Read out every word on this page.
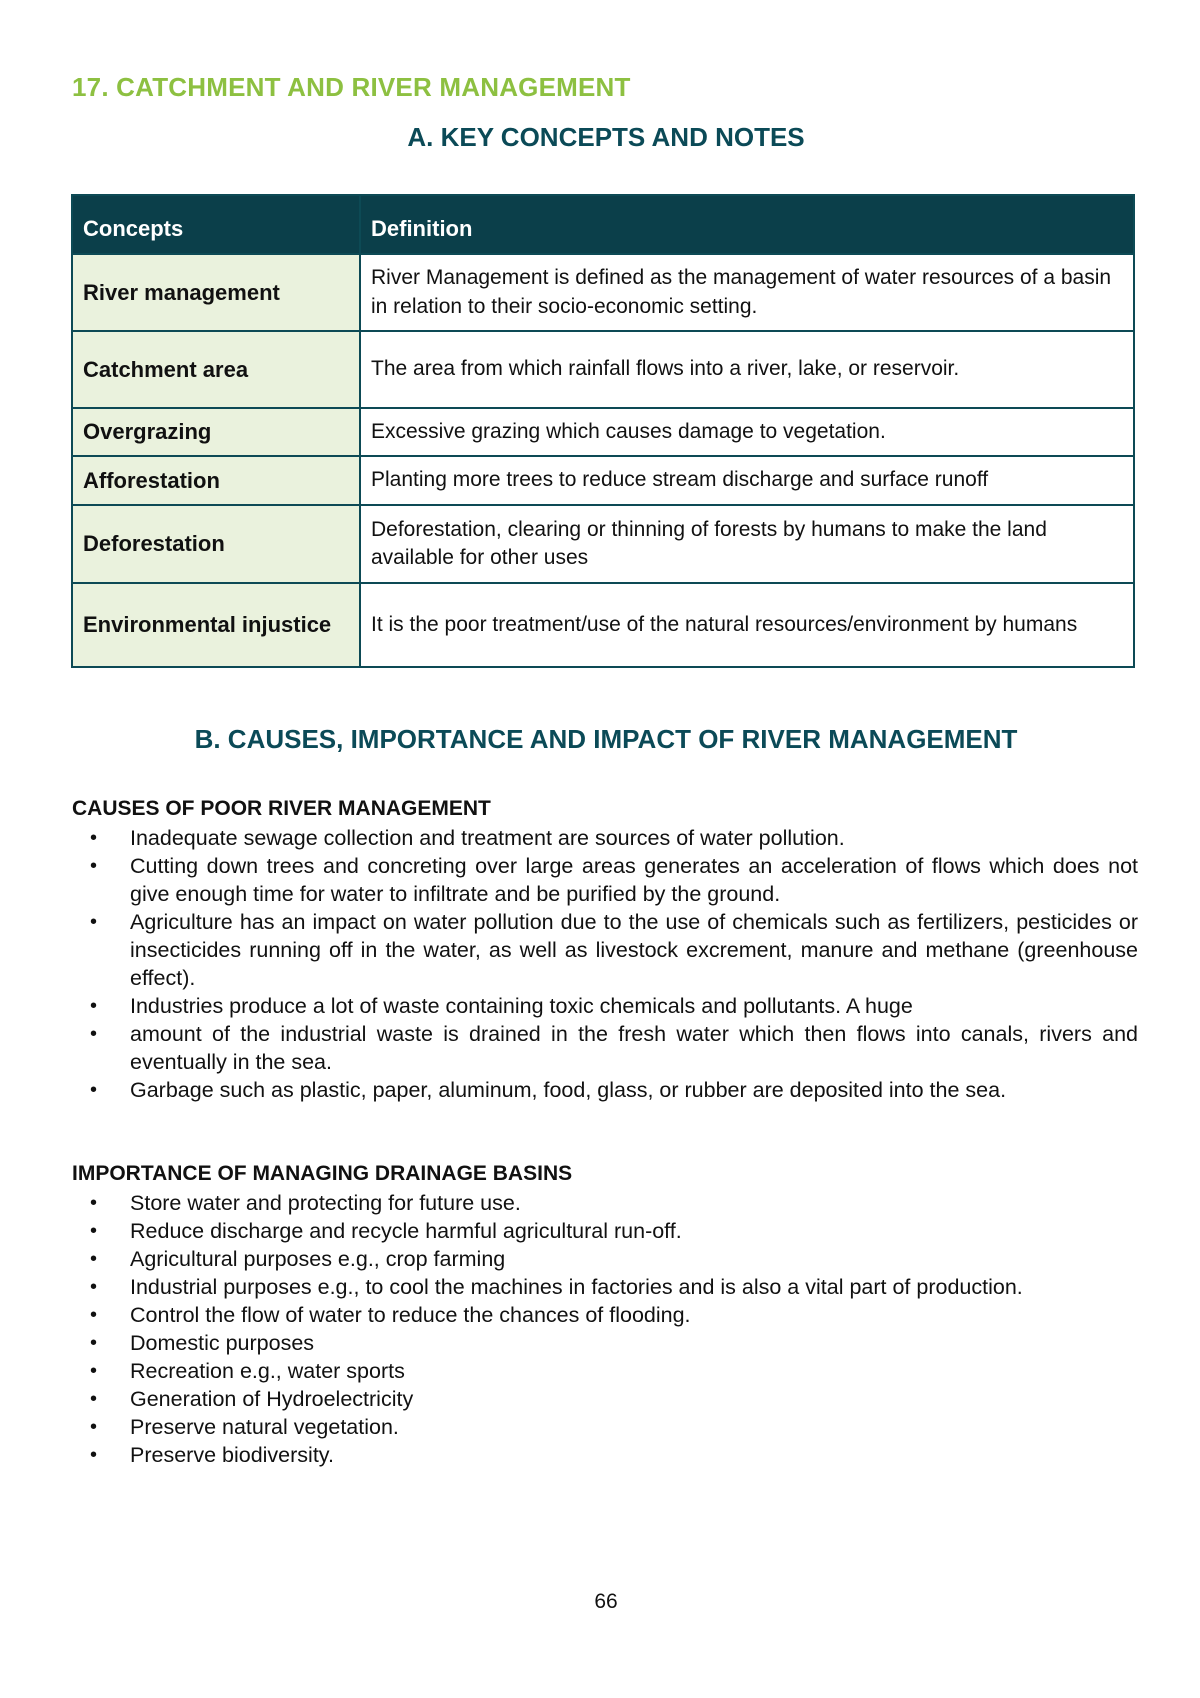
17. CATCHMENT AND RIVER MANAGEMENT
A. KEY CONCEPTS AND NOTES
Concepts	Definition
River management	River Management is defined as the management of water resources of a basin in relation to their socio-economic setting.
Catchment area	The area from which rainfall flows into a river, lake, or reservoir.
Overgrazing	Excessive grazing which causes damage to vegetation.
Afforestation	Planting more trees to reduce stream discharge and surface runoff
Deforestation	Deforestation, clearing or thinning of forests by humans to make the land available for other uses
Environmental injustice	It is the poor treatment/use of the natural resources/environment by humans
B. CAUSES, IMPORTANCE AND IMPACT OF RIVER MANAGEMENT
CAUSES OF POOR RIVER MANAGEMENT
• Inadequate sewage collection and treatment are sources of water pollution.
• Cutting down trees and concreting over large areas generates an acceleration of flows which does not give enough time for water to infiltrate and be purified by the ground.
• Agriculture has an impact on water pollution due to the use of chemicals such as fertilizers, pesticides or insecticides running off in the water, as well as livestock excrement, manure and methane (greenhouse effect).
• Industries produce a lot of waste containing toxic chemicals and pollutants. A huge
• amount of the industrial waste is drained in the fresh water which then flows into canals, rivers and eventually in the sea.
• Garbage such as plastic, paper, aluminum, food, glass, or rubber are deposited into the sea.
IMPORTANCE OF MANAGING DRAINAGE BASINS
• Store water and protecting for future use.
• Reduce discharge and recycle harmful agricultural run-off.
• Agricultural purposes e.g., crop farming
• Industrial purposes e.g., to cool the machines in factories and is also a vital part of production.
• Control the flow of water to reduce the chances of flooding.
• Domestic purposes
• Recreation e.g., water sports
• Generation of Hydroelectricity
• Preserve natural vegetation.
• Preserve biodiversity.
66
